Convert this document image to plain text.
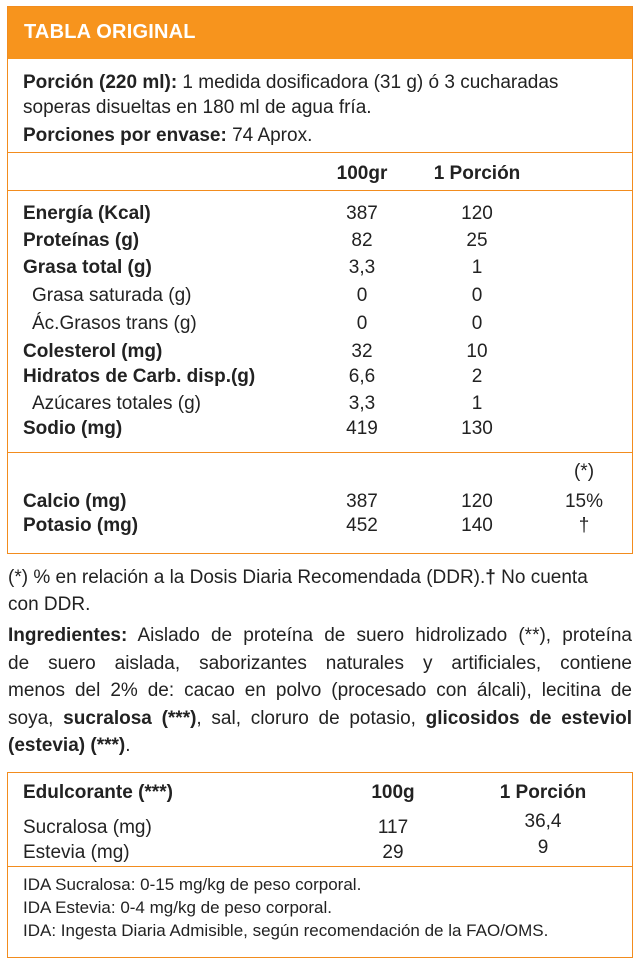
TABLA ORIGINAL
Porción (220 ml): 1 medida dosificadora (31 g) ó 3 cucharadas
soperas disueltas en 180 ml de agua fría.
Porciones por envase: 74 Aprox.
100gr 1 Porción
Energía (Kcal)	387	120
Proteínas (g)	82	25
Grasa total (g)	3,3	1
Grasa saturada (g)	0	0
Ác.Grasos trans (g)	0	0
Colesterol (mg)	32	10
Hidratos de Carb. disp.(g)	6,6	2
Azúcares totales (g)	3,3	1
Sodio (mg)	419	130
(*)
Calcio (mg)	387	120	15%
Potasio (mg)	452	140	†
(*) % en relación a la Dosis Diaria Recomendada (DDR).† No cuenta
con DDR.
Ingredientes: Aislado de proteína de suero hidrolizado (**), proteína
de suero aislada, saborizantes naturales y artificiales, contiene
menos del 2% de: cacao en polvo (procesado con álcali), lecitina de
soya, sucralosa (***), sal, cloruro de potasio, glicosidos de esteviol
(estevia) (***).
Edulcorante (***)	100g	1 Porción
Sucralosa (mg)	117	36,4
Estevia (mg)	29	9
IDA Sucralosa: 0-15 mg/kg de peso corporal.
IDA Estevia: 0-4 mg/kg de peso corporal.
IDA: Ingesta Diaria Admisible, según recomendación de la FAO/OMS.
